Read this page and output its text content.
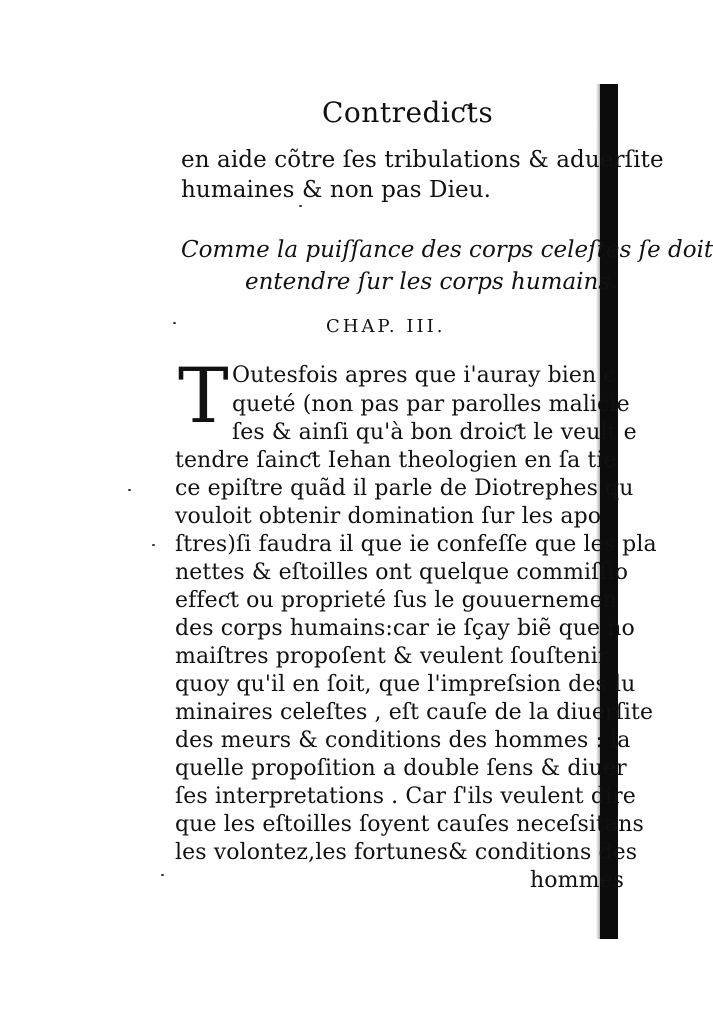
Contrediƈts
en aide cõtre ſes tribulations & aduerſite
humaines & non pas Dieu.
Comme la puiſſance des corps celeſtes ſe doit
entendre ſur les corps humains.
CHAP. III.
T Outesfois apres que i'auray bien c
queté (non pas par parolles malicie
ſes & ainſi qu'à bon droiƈt le veult e
tendre ſainƈt Iehan theologien en ſa tie
ce epiſtre quãd il parle de Diotrephes qu
vouloit obtenir domination ſur les apo
ſtres)ſi faudra il que ie confeſſe que les pla
nettes & eſtoilles ont quelque commiſſio
effeƈt ou proprieté ſus le gouuernemen
des corps humains:car ie ſçay biẽ que no
maiſtres propoſent & veulent ſouſtenir
quoy qu'il en ſoit, que l'impreſsion des lu
minaires celeſtes , eſt cauſe de la diuerſite
des meurs & conditions des hommes : la
quelle propoſition a double ſens & diuer
ſes interpretations . Car ſ'ils veulent dire
que les eſtoilles ſoyent cauſes neceſsitans
les volontez,les fortunes& conditions des
hommes
